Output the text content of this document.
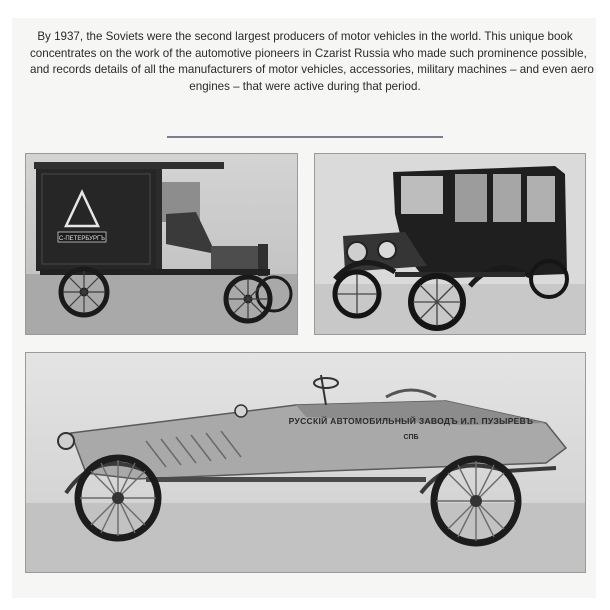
By 1937, the Soviets were the second largest producers of motor vehicles in the world. This unique book
concentrates on the work of the automotive pioneers in Czarist Russia who made such prominence possible,
and records details of all the manufacturers of motor vehicles, accessories, military machines – and even aero
engines – that were active during that period.
С-ПЕТЕРБУРГЪ
РУССКIЙ АВТОМОБИЛЬНЫЙ ЗАВОДЪ И.П. ПУЗЫРЕВЪ
СПБ
